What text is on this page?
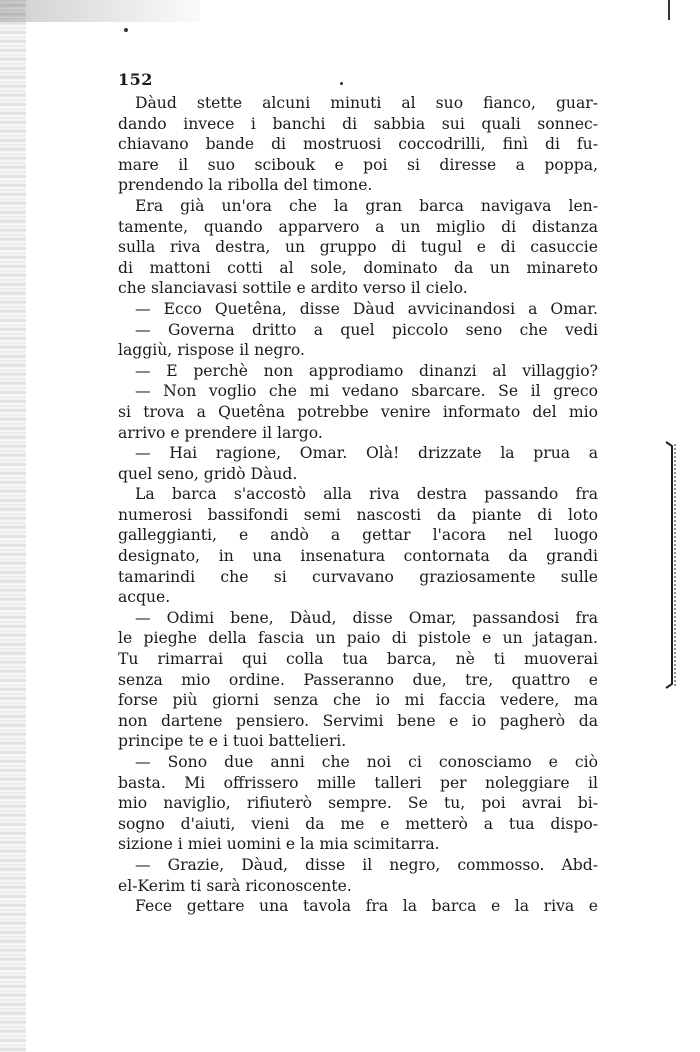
152
Dàud stette alcuni minuti al suo fianco, guar-
dando invece i banchi di sabbia sui quali sonnec-
chiavano bande di mostruosi coccodrilli, finì di fu-
mare il suo scibouk e poi si diresse a poppa,
prendendo la ribolla del timone.
Era già un'ora che la gran barca navigava len-
tamente, quando apparvero a un miglio di distanza
sulla riva destra, un gruppo di tugul e di casuccie
di mattoni cotti al sole, dominato da un minareto
che slanciavasi sottile e ardito verso il cielo.
— Ecco Quetêna, disse Dàud avvicinandosi a Omar.
— Governa dritto a quel piccolo seno che vedi
laggiù, rispose il negro.
— E perchè non approdiamo dinanzi al villaggio?
— Non voglio che mi vedano sbarcare. Se il greco
si trova a Quetêna potrebbe venire informato del mio
arrivo e prendere il largo.
— Hai ragione, Omar. Olà! drizzate la prua a
quel seno, gridò Dàud.
La barca s'accostò alla riva destra passando fra
numerosi bassifondi semi nascosti da piante di loto
galleggianti, e andò a gettar l'acora nel luogo
designato, in una insenatura contornata da grandi
tamarindi che si curvavano graziosamente sulle
acque.
— Odimi bene, Dàud, disse Omar, passandosi fra
le pieghe della fascia un paio di pistole e un jatagan.
Tu rimarrai qui colla tua barca, nè ti muoverai
senza mio ordine. Passeranno due, tre, quattro e
forse più giorni senza che io mi faccia vedere, ma
non dartene pensiero. Servimi bene e io pagherò da
principe te e i tuoi battelieri.
— Sono due anni che noi ci conosciamo e ciò
basta. Mi offrissero mille talleri per noleggiare il
mio naviglio, rifiuterò sempre. Se tu, poi avrai bi-
sogno d'aiuti, vieni da me e metterò a tua dispo-
sizione i miei uomini e la mia scimitarra.
— Grazie, Dàud, disse il negro, commosso. Abd-
el-Kerim ti sarà riconoscente.
Fece gettare una tavola fra la barca e la riva e
